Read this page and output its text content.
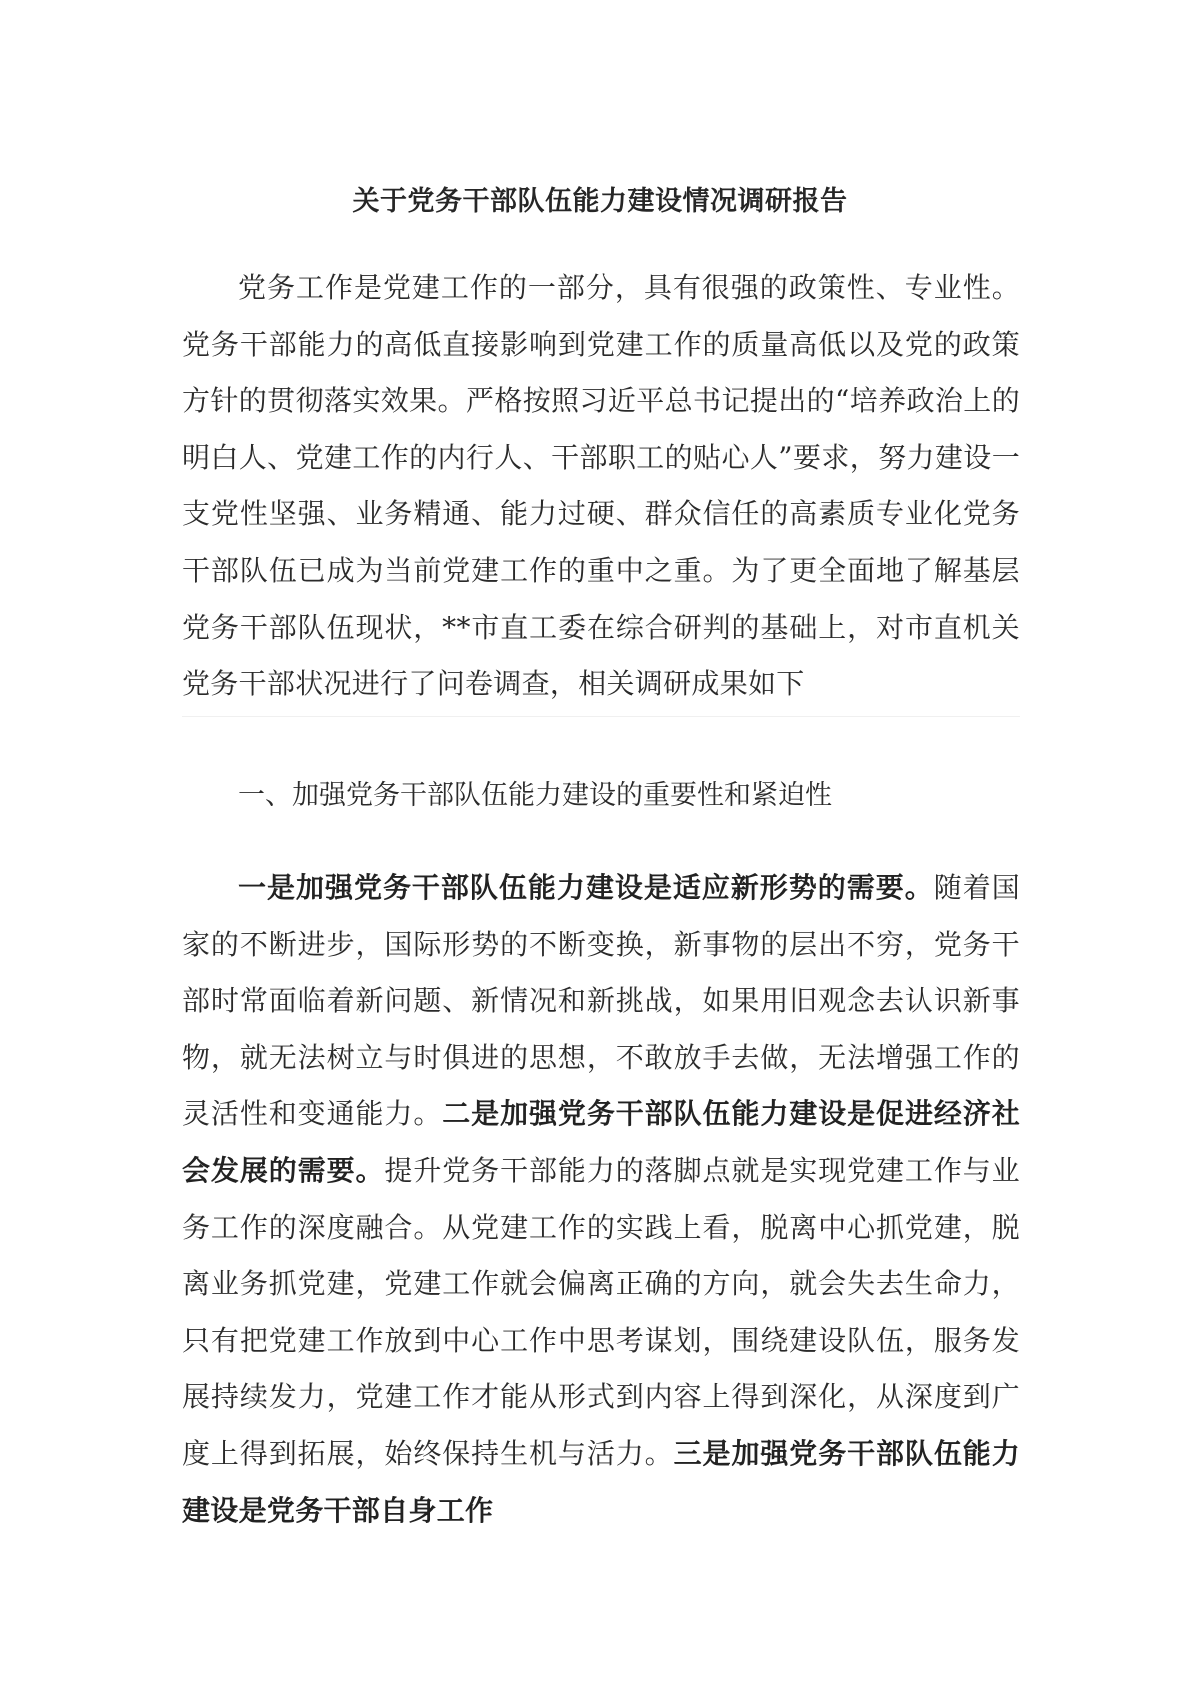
关于党务干部队伍能力建设情况调研报告

党务工作是党建工作的一部分，具有很强的政策性、专业性。党务干部能力的高低直接影响到党建工作的质量高低以及党的政策方针的贯彻落实效果。严格按照习近平总书记提出的“培养政治上的明白人、党建工作的内行人、干部职工的贴心人”要求，努力建设一支党性坚强、业务精通、能力过硬、群众信任的高素质专业化党务干部队伍已成为当前党建工作的重中之重。为了更全面地了解基层党务干部队伍现状，**市直工委在综合研判的基础上，对市直机关党务干部状况进行了问卷调查，相关调研成果如下

一、加强党务干部队伍能力建设的重要性和紧迫性

一是加强党务干部队伍能力建设是适应新形势的需要。随着国家的不断进步，国际形势的不断变换，新事物的层出不穷，党务干部时常面临着新问题、新情况和新挑战，如果用旧观念去认识新事物，就无法树立与时俱进的思想，不敢放手去做，无法增强工作的灵活性和变通能力。二是加强党务干部队伍能力建设是促进经济社会发展的需要。提升党务干部能力的落脚点就是实现党建工作与业务工作的深度融合。从党建工作的实践上看，脱离中心抓党建，脱离业务抓党建，党建工作就会偏离正确的方向，就会失去生命力，只有把党建工作放到中心工作中思考谋划，围绕建设队伍，服务发展持续发力，党建工作才能从形式到内容上得到深化，从深度到广度上得到拓展，始终保持生机与活力。三是加强党务干部队伍能力建设是党务干部自身工作
